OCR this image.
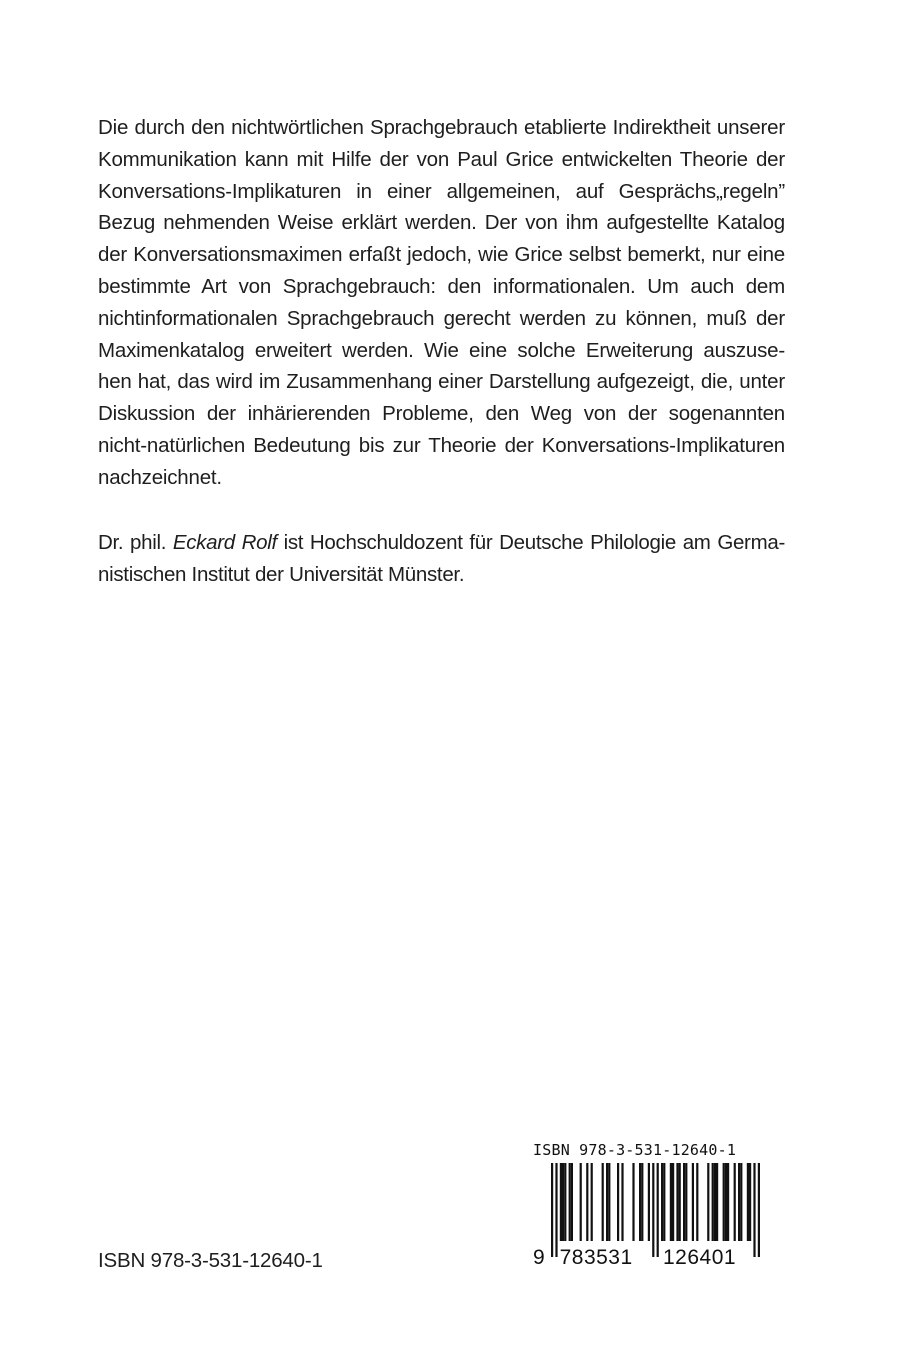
Die durch den nichtwörtlichen Sprachgebrauch etablierte Indirektheit unserer
Kommunikation kann mit Hilfe der von Paul Grice entwickelten Theorie der
Konversations-Implikaturen in einer allgemeinen, auf Gesprächs„regeln”
Bezug nehmenden Weise erklärt werden. Der von ihm aufgestellte Katalog
der Konversationsmaximen erfaßt jedoch, wie Grice selbst bemerkt, nur eine
bestimmte Art von Sprachgebrauch: den informationalen. Um auch dem
nichtinformationalen Sprachgebrauch gerecht werden zu können, muß der
Maximenkatalog erweitert werden. Wie eine solche Erweiterung auszuse-
hen hat, das wird im Zusammenhang einer Darstellung aufgezeigt, die, unter
Diskussion der inhärierenden Probleme, den Weg von der sogenannten
nicht-natürlichen Bedeutung bis zur Theorie der Konversations-Implikaturen
nachzeichnet.
Dr. phil. Eckard Rolf ist Hochschuldozent für Deutsche Philologie am Germa-
nistischen Institut der Universität Münster.
ISBN 978-3-531-12640-1
ISBN 978-3-531-12640-1
9 783531 126401
